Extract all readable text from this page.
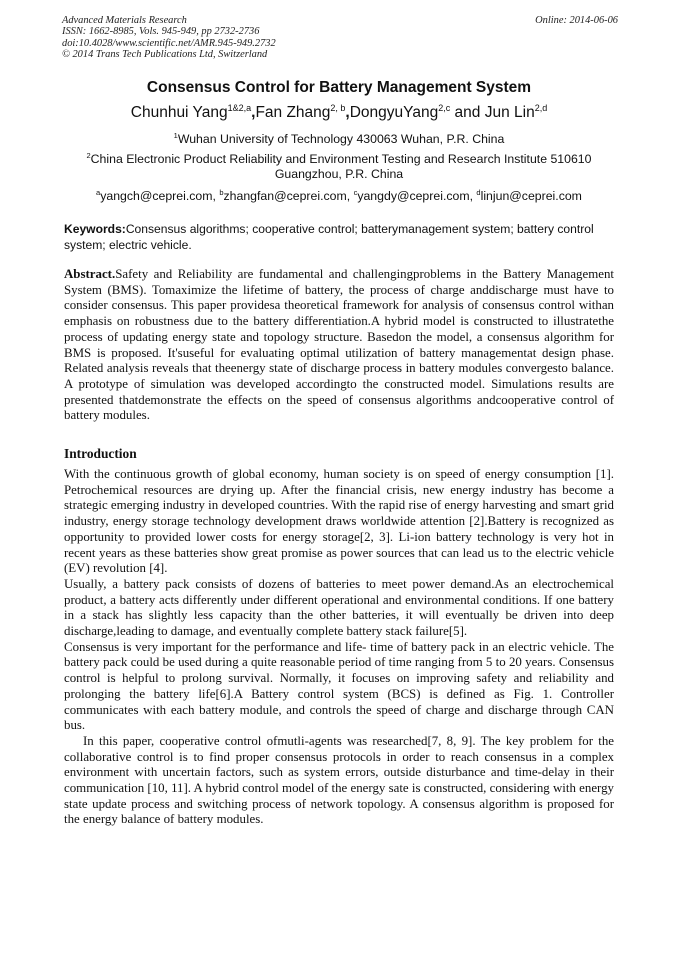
Advanced Materials Research
ISSN: 1662-8985, Vols. 945-949, pp 2732-2736
doi:10.4028/www.scientific.net/AMR.945-949.2732
© 2014 Trans Tech Publications Ltd, Switzerland
Online: 2014-06-06
Consensus Control for Battery Management System
Chunhui Yang$^{1\&2,a}$,Fan Zhang$^{2, b}$,DongyuYang$^{2,c}$ and Jun Lin$^{2,d}$
$^1$Wuhan University of Technology 430063 Wuhan, P.R. China
$^2$China Electronic Product Reliability and Environment Testing and Research Institute 510610
Guangzhou, P.R. China
$^a$yangch@ceprei.com, $^b$zhangfan@ceprei.com, $^c$yangdy@ceprei.com, $^d$linjun@ceprei.com
Keywords:Consensus algorithms; cooperative control; batterymanagement system; battery control system; electric vehicle.

Abstract.Safety and Reliability are fundamental and challengingproblems in the Battery Management System (BMS). Tomaximize the lifetime of battery, the process of charge anddischarge must have to consider consensus. This paper providesa theoretical framework for analysis of consensus control withan emphasis on robustness due to the battery differentiation.A hybrid model is constructed to illustratethe process of updating energy state and topology structure. Basedon the model, a consensus algorithm for BMS is proposed. It'suseful for evaluating optimal utilization of battery managementat design phase. Related analysis reveals that theenergy state of discharge process in battery modules convergesto balance. A prototype of simulation was developed accordingto the constructed model. Simulations results are presented thatdemonstrate the effects on the speed of consensus algorithms andcooperative control of battery modules.

Introduction

With the continuous growth of global economy, human society is on speed of energy consumption [1]. Petrochemical resources are drying up. After the financial crisis, new energy industry has become a strategic emerging industry in developed countries. With the rapid rise of energy harvesting and smart grid industry, energy storage technology development draws worldwide attention [2].Battery is recognized as opportunity to provided lower costs for energy storage[2, 3]. Li-ion battery technology is very hot in recent years as these batteries show great promise as power sources that can lead us to the electric vehicle (EV) revolution [4].

Usually, a battery pack consists of dozens of batteries to meet power demand.As an electrochemical product, a battery acts differently under different operational and environmental conditions. If one battery in a stack has slightly less capacity than the other batteries, it will eventually be driven into deep discharge,leading to damage, and eventually complete battery stack failure[5].

Consensus is very important for the performance and life- time of battery pack in an electric vehicle. The battery pack could be used during a quite reasonable period of time ranging from 5 to 20 years. Consensus control is helpful to prolong survival. Normally, it focuses on improving safety and reliability and prolonging the battery life[6].A Battery control system (BCS) is defined as Fig. 1. Controller communicates with each battery module, and controls the speed of charge and discharge through CAN bus.

In this paper, cooperative control ofmutli-agents was researched[7, 8, 9]. The key problem for the collaborative control is to find proper consensus protocols in order to reach consensus in a complex environment with uncertain factors, such as system errors, outside disturbance and time-delay in their communication [10, 11]. A hybrid control model of the energy sate is constructed, considering with energy state update process and switching process of network topology. A consensus algorithm is proposed for the energy balance of battery modules.
